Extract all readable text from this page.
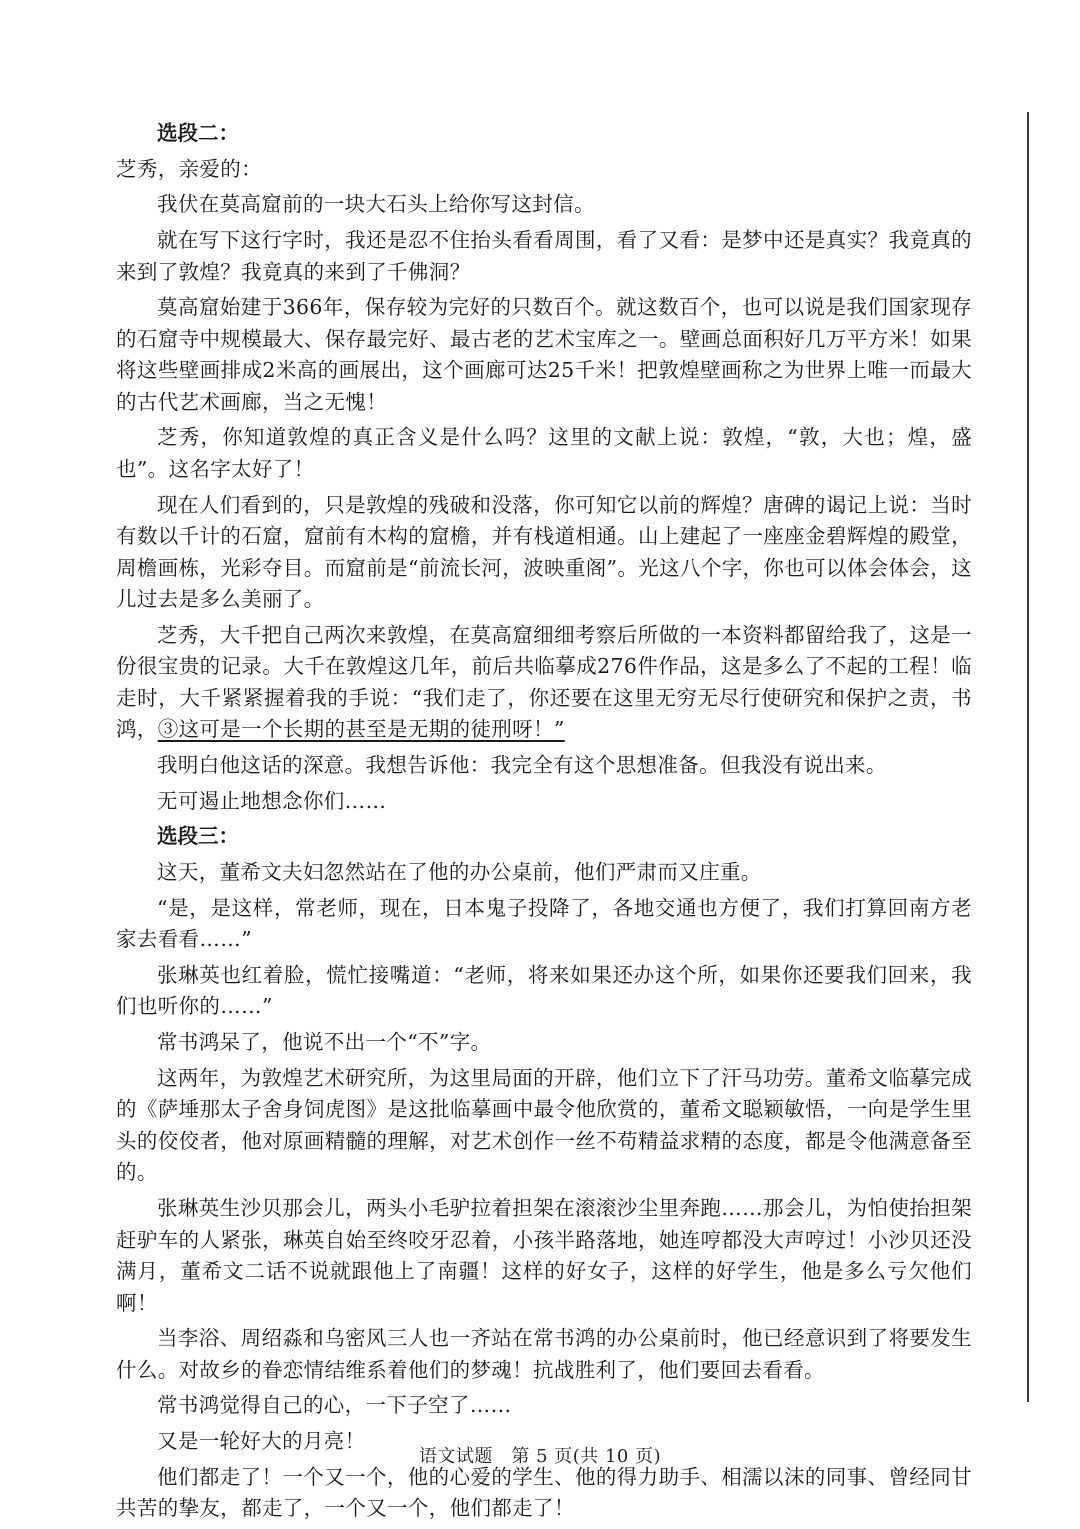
选段二：

芝秀，亲爱的：

我伏在莫高窟前的一块大石头上给你写这封信。

就在写下这行字时，我还是忍不住抬头看看周围，看了又看：是梦中还是真实？我竟真的来到了敦煌？我竟真的来到了千佛洞？

莫高窟始建于366年，保存较为完好的只数百个。就这数百个，也可以说是我们国家现存的石窟寺中规模最大、保存最完好、最古老的艺术宝库之一。壁画总面积好几万平方米！如果将这些壁画排成2米高的画展出，这个画廊可达25千米！把敦煌壁画称之为世界上唯一而最大的古代艺术画廊，当之无愧！

芝秀，你知道敦煌的真正含义是什么吗？这里的文献上说：敦煌，“敦，大也；煌，盛也”。这名字太好了！

现在人们看到的，只是敦煌的残破和没落，你可知它以前的辉煌？唐碑的谒记上说：当时有数以千计的石窟，窟前有木构的窟檐，并有栈道相通。山上建起了一座座金碧辉煌的殿堂，周檐画栋，光彩夺目。而窟前是“前流长河，波映重阁”。光这八个字，你也可以体会体会，这儿过去是多么美丽了。

芝秀，大千把自己两次来敦煌，在莫高窟细细考察后所做的一本资料都留给我了，这是一份很宝贵的记录。大千在敦煌这几年，前后共临摹成276件作品，这是多么了不起的工程！临走时，大千紧紧握着我的手说：“我们走了，你还要在这里无穷无尽行使研究和保护之责，书鸿，③这可是一个长期的甚至是无期的徒刑呀！”

我明白他这话的深意。我想告诉他：我完全有这个思想准备。但我没有说出来。

无可遏止地想念你们……

选段三：

这天，董希文夫妇忽然站在了他的办公桌前，他们严肃而又庄重。

“是，是这样，常老师，现在，日本鬼子投降了，各地交通也方便了，我们打算回南方老家去看看……”

张琳英也红着脸，慌忙接嘴道：“老师，将来如果还办这个所，如果你还要我们回来，我们也听你的……”

常书鸿呆了，他说不出一个“不”字。

这两年，为敦煌艺术研究所，为这里局面的开辟，他们立下了汗马功劳。董希文临摹完成的《萨埵那太子舍身饲虎图》是这批临摹画中最令他欣赏的，董希文聪颖敏悟，一向是学生里头的佼佼者，他对原画精髓的理解，对艺术创作一丝不苟精益求精的态度，都是令他满意备至的。

张琳英生沙贝那会儿，两头小毛驴拉着担架在滚滚沙尘里奔跑……那会儿，为怕使抬担架赶驴车的人紧张，琳英自始至终咬牙忍着，小孩半路落地，她连哼都没大声哼过！小沙贝还没满月，董希文二话不说就跟他上了南疆！这样的好女子，这样的好学生，他是多么亏欠他们啊！

当李浴、周绍淼和乌密风三人也一齐站在常书鸿的办公桌前时，他已经意识到了将要发生什么。对故乡的眷恋情结维系着他们的梦魂！抗战胜利了，他们要回去看看。

常书鸿觉得自己的心，一下子空了……

又是一轮好大的月亮！

他们都走了！一个又一个，他的心爱的学生、他的得力助手、相濡以沫的同事、曾经同甘共苦的挚友，都走了，一个又一个，他们都走了！

语文试题　第 5 页(共 10 页)
